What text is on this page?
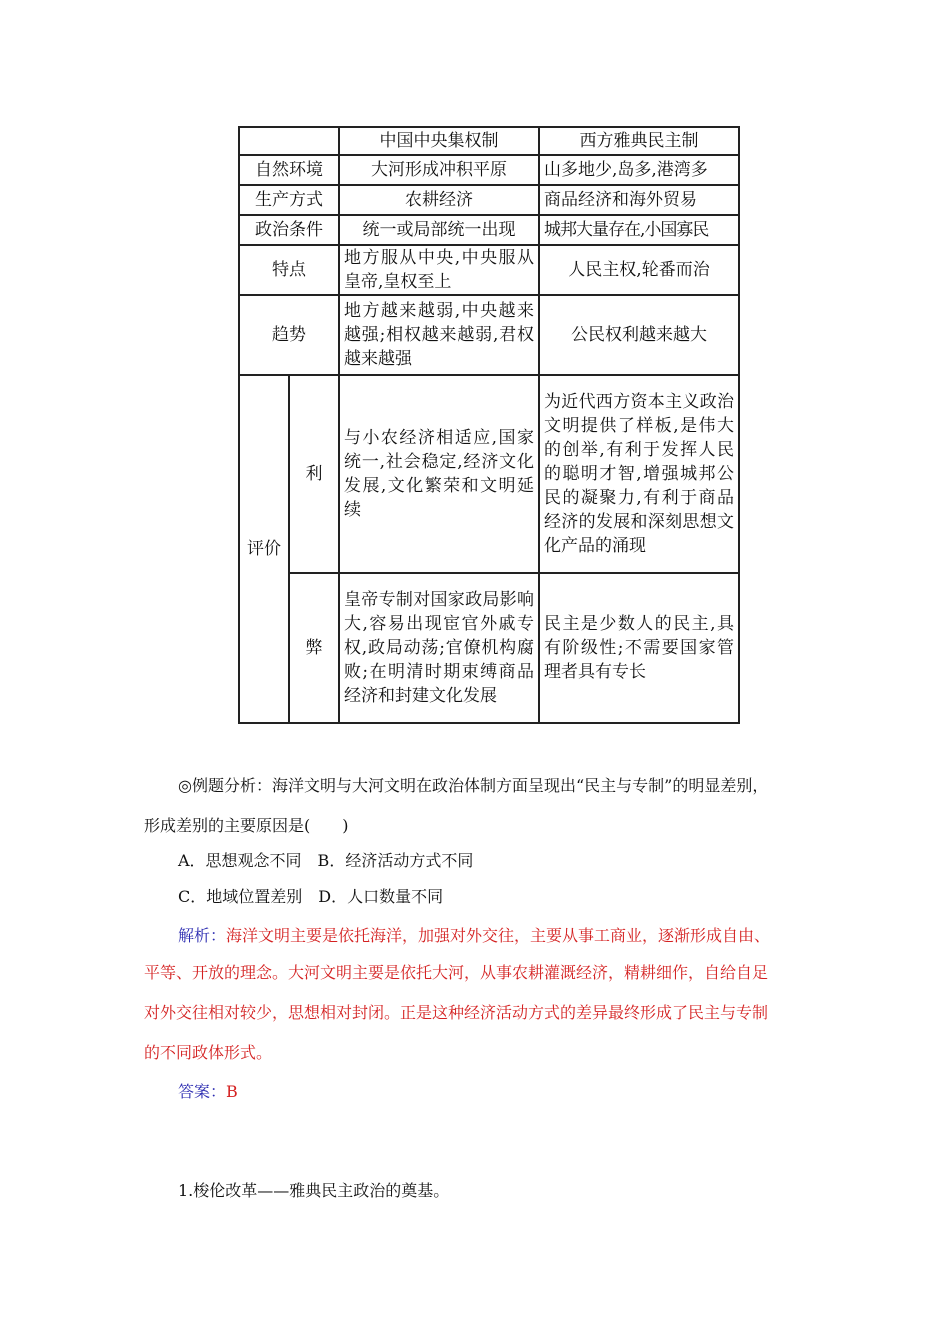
		中国中央集权制	西方雅典民主制
自然环境		大河形成冲积平原	山多地少,岛多,港湾多
生产方式		农耕经济	商品经济和海外贸易
政治条件		统一或局部统一出现	城邦大量存在,小国寡民
特点		地方服从中央,中央服从皇帝,皇权至上	人民主权,轮番而治
趋势		地方越来越弱,中央越来越强;相权越来越弱,君权越来越强	公民权利越来越大
评价	利	与小农经济相适应,国家统一,社会稳定,经济文化发展,文化繁荣和文明延续	为近代西方资本主义政治文明提供了样板,是伟大的创举,有利于发挥人民的聪明才智,增强城邦公民的凝聚力,有利于商品经济的发展和深刻思想文化产品的涌现
	弊	皇帝专制对国家政局影响大,容易出现宦官外戚专权,政局动荡;官僚机构腐败;在明清时期束缚商品经济和封建文化发展	民主是少数人的民主,具有阶级性;不需要国家管理者具有专长
◎例题分析：海洋文明与大河文明在政治体制方面呈现出“民主与专制”的明显差别，
形成差别的主要原因是(　　)
A．思想观念不同　B．经济活动方式不同
C．地域位置差别　D．人口数量不同
解析：海洋文明主要是依托海洋，加强对外交往，主要从事工商业，逐渐形成自由、
平等、开放的理念。大河文明主要是依托大河，从事农耕灌溉经济，精耕细作，自给自足
对外交往相对较少，思想相对封闭。正是这种经济活动方式的差异最终形成了民主与专制
的不同政体形式。
答案：B
1.梭伦改革——雅典民主政治的奠基。
